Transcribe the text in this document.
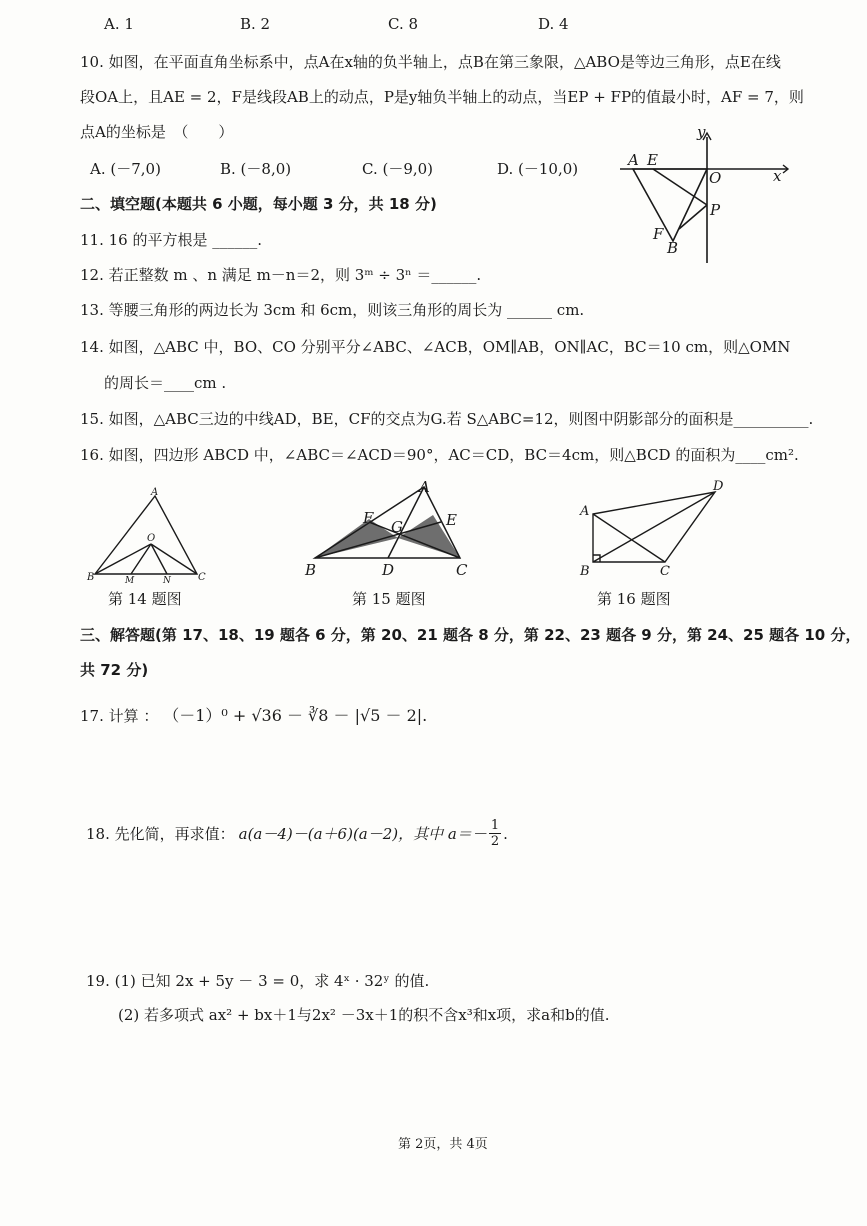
A. 1	B. 2	C. 8	D. 4
10. 如图，在平面直角坐标系中，点A在x轴的负半轴上，点B在第三象限，△ABO是等边三角形，点E在线
段OA上，且AE = 2，F是线段AB上的动点，P是y轴负半轴上的动点，当EP + FP的值最小时，AF = 7，则
点A的坐标是　（　　）
A. (－7,0)	B. (－8,0)	C. (－9,0)	D. (－10,0)
y
A E
O	x
P
F
B
二、填空题(本题共 6 小题，每小题 3 分，共 18 分)
11. 16 的平方根是 ______.
12. 若正整数 m 、n 满足 m－n＝2，则 3ᵐ ÷ 3ⁿ ＝______.
13. 等腰三角形的两边长为 3cm 和 6cm，则该三角形的周长为 ______ cm.
14. 如图，△ABC 中，BO、CO 分别平分∠ABC、∠ACB，OM∥AB，ON∥AC，BC＝10 cm，则△OMN
的周长＝____cm .
15. 如图，△ABC三边的中线AD，BE，CF的交点为G.若 S△ABC=12，则图中阴影部分的面积是__________.
16. 如图，四边形 ABCD 中，∠ABC＝∠ACD＝90°，AC＝CD，BC＝4cm，则△BCD 的面积为____cm².
A
O
B	M	N	C
第 14 题图
A
F G	E
B	D	C
第 15 题图
A
D
B	C
第 16 题图
三、解答题(第 17、18、19 题各 6 分，第 20、21 题各 8 分，第 22、23 题各 9 分，第 24、25 题各 10 分，
共 72 分)
17. 计算 ： （－1）⁰ + √36 － ∛8 － |√5 － 2|.
18. 先化简，再求值： a(a－4)－(a＋6)(a－2)，其中 $a=- \frac{1}{2}$ .
19. (1) 已知 2x + 5y － 3 = 0，求 4ˣ · 32ʸ 的值.
(2) 若多项式 ax² + bx＋1与2x² －3x＋1的积不含x³和x项，求a和b的值.
第 2页，共 4页
